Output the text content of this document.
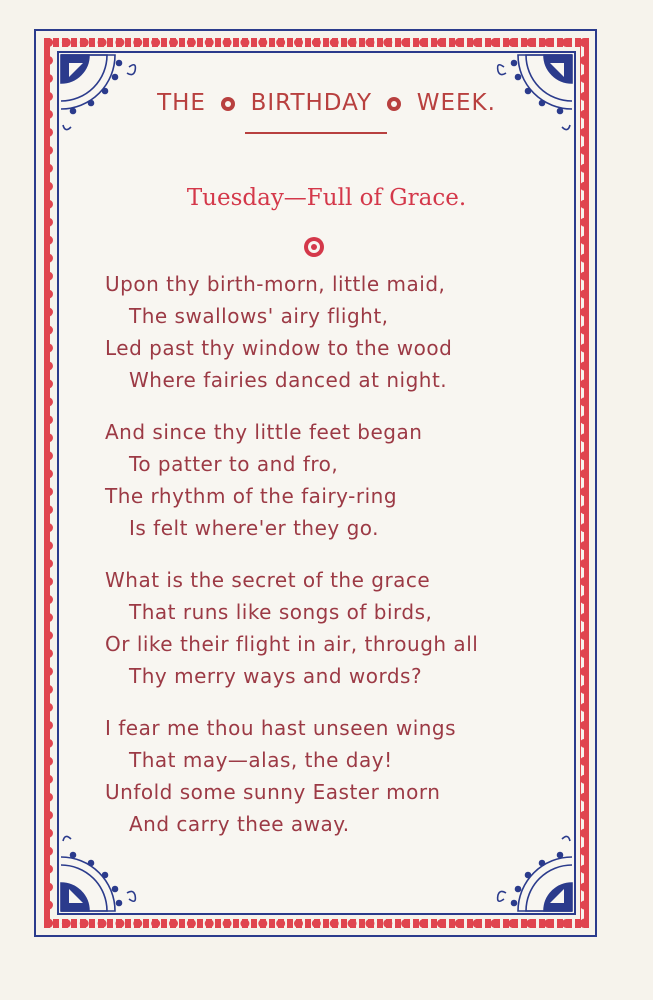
THE BIRTHDAY WEEK.
Tuesday—Full of Grace.
Upon thy birth-morn, little maid,
The swallows' airy flight,
Led past thy window to the wood
Where fairies danced at night.
And since thy little feet began
To patter to and fro,
The rhythm of the fairy-ring
Is felt where'er they go.
What is the secret of the grace
That runs like songs of birds,
Or like their flight in air, through all
Thy merry ways and words?
I fear me thou hast unseen wings
That may—alas, the day!
Unfold some sunny Easter morn
And carry thee away.
